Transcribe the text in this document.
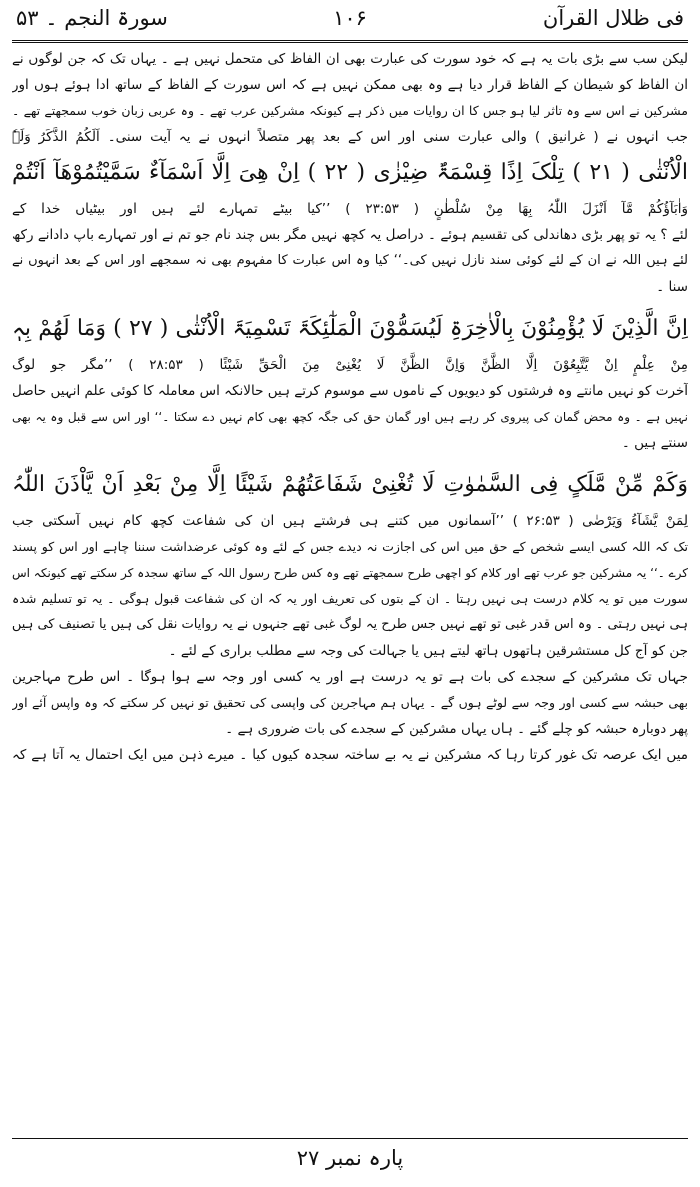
سورۃ النجم ۔ ۵۳	۱۰۶	فی ظلال القرآن
لیکن سب سے بڑی بات یہ ہے کہ خود سورت کی عبارت بھی ان الفاظ کی متحمل نہیں ہے ۔ یہاں تک کہ جن لوگوں نے
ان الفاظ کو شیطان کے الفاظ قرار دیا ہے وہ بھی ممکن نہیں ہے کہ اس سورت کے الفاظ کے ساتھ ادا ہوئے ہوں اور
مشرکین نے اس سے وہ تاثر لیا ہو جس کا ان روایات میں ذکر ہے کیونکہ مشرکین عرب تھے ۔ وہ عربی زبان خوب سمجھتے تھے ۔
جب انہوں نے ( غرانیق ) والی عبارت سنی اور اس کے بعد پھر متصلاً انہوں نے یہ آیت سنی۔ اَلَکُمُ الذَّکَرُ وَلَہٗ
الْاُنْثٰی ( ۲۱ ) تِلْکَ اِذًا قِسْمَۃٌ ضِیْزٰی ( ۲۲ ) اِنْ ھِیَ اِلَّا اَسْمَآءٌ سَمَّیْتُمُوْھَآ اَنْتُمْ
وَاٰبَآؤُکُمْ مَّآ اَنْزَلَ اللّٰہُ بِھَا مِنْ سُلْطٰنٍ ( ۲۳:۵۳ ) ’’کیا بیٹے تمہارے لئے ہیں اور بیٹیاں خدا کے
لئے ؟ یہ تو پھر بڑی دھاندلی کی تقسیم ہوئے ۔ دراصل یہ کچھ نہیں مگر بس چند نام جو تم نے اور تمہارے باپ دادانے رکھ
لئے ہیں اللہ نے ان کے لئے کوئی سند نازل نہیں کی۔‘‘ کیا وہ اس عبارت کا مفہوم بھی نہ سمجھے اور اس کے بعد انہوں نے
سنا ۔
اِنَّ الَّذِیْنَ لَا یُؤْمِنُوْنَ بِالْاٰخِرَۃِ لَیُسَمُّوْنَ الْمَلٰٓئِکَۃَ تَسْمِیَۃَ الْاُنْثٰی ( ۲۷ ) وَمَا لَھُمْ بِہٖ
مِنْ عِلْمٍ اِنْ یَّتَّبِعُوْنَ اِلَّا الظَّنَّ وَاِنَّ الظَّنَّ لَا یُغْنِیْ مِنَ الْحَقِّ شَیْئًا ( ۲۸:۵۳ ) ’’مگر جو لوگ
آخرت کو نہیں مانتے وہ فرشتوں کو دیویوں کے ناموں سے موسوم کرتے ہیں حالانکہ اس معاملہ کا کوئی علم انہیں حاصل
نہیں ہے ۔ وہ محض گمان کی پیروی کر رہے ہیں اور گمان حق کی جگہ کچھ بھی کام نہیں دے سکتا ۔‘‘ اور اس سے قبل وہ یہ بھی
سنتے ہیں ۔
وَکَمْ مِّنْ مَّلَکٍ فِی السَّمٰوٰتِ لَا تُغْنِیْ شَفَاعَتُھُمْ شَیْئًا اِلَّا مِنْ بَعْدِ اَنْ یَّاْذَنَ اللّٰہُ
لِمَنْ یَّشَآءُ وَیَرْضٰی ( ۲۶:۵۳ ) ’’آسمانوں میں کتنے ہی فرشتے ہیں ان کی شفاعت کچھ کام نہیں آسکتی جب
تک کہ اللہ کسی ایسے شخص کے حق میں اس کی اجازت نہ دیدے جس کے لئے وہ کوئی عرضداشت سننا چاہے اور اس کو پسند
کرے ۔‘‘ یہ مشرکین جو عرب تھے اور کلام کو اچھی طرح سمجھتے تھے وہ کس طرح رسول اللہ کے ساتھ سجدہ کر سکتے تھے کیونکہ اس
سورت میں تو یہ کلام درست ہی نہیں رہتا ۔ ان کے بتوں کی تعریف اور یہ کہ ان کی شفاعت قبول ہوگی ۔ یہ تو تسلیم شدہ
ہی نہیں رہتی ۔ وہ اس قدر غبی تو تھے نہیں جس طرح یہ لوگ غبی تھے جنہوں نے یہ روایات نقل کی ہیں یا تصنیف کی ہیں
جن کو آج کل مستشرقین ہاتھوں ہاتھ لیتے ہیں یا جہالت کی وجہ سے مطلب براری کے لئے ۔
جہاں تک مشرکین کے سجدے کی بات ہے تو یہ درست ہے اور یہ کسی اور وجہ سے ہوا ہوگا ۔ اس طرح مہاجرین
بھی حبشہ سے کسی اور وجہ سے لوٹے ہوں گے ۔ یہاں ہم مہاجرین کی واپسی کی تحقیق تو نہیں کر سکتے کہ وہ واپس آئے اور
پھر دوبارہ حبشہ کو چلے گئے ۔ ہاں یہاں مشرکین کے سجدے کی بات ضروری ہے ۔
میں ایک عرصہ تک غور کرتا رہا کہ مشرکین نے یہ بے ساختہ سجدہ کیوں کیا ۔ میرے ذہن میں ایک احتمال یہ آتا ہے کہ
پارہ نمبر ۲۷
